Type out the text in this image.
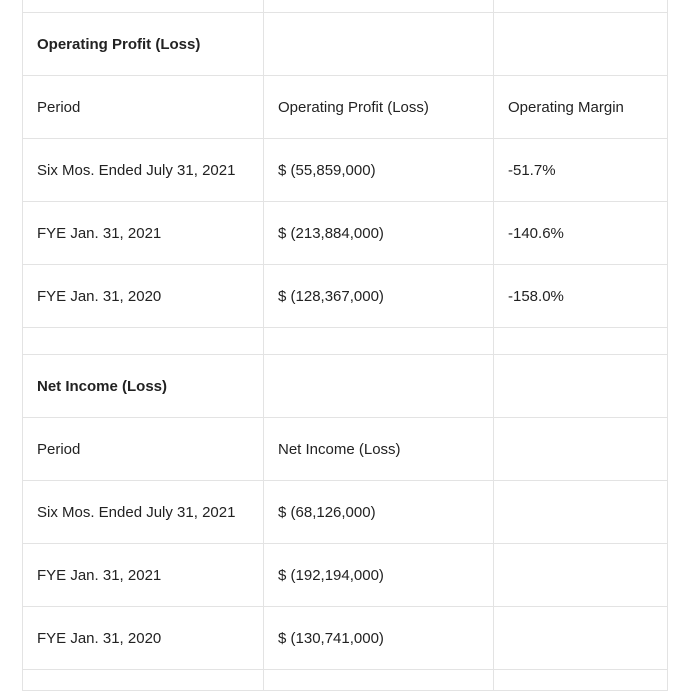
Operating Profit (Loss)		
Period	Operating Profit (Loss)	Operating Margin
Six Mos. Ended July 31, 2021	$ (55,859,000)	-51.7%
FYE Jan. 31, 2021	$ (213,884,000)	-140.6%
FYE Jan. 31, 2020	$ (128,367,000)	-158.0%

Net Income (Loss)		
Period	Net Income (Loss)	
Six Mos. Ended July 31, 2021	$ (68,126,000)	
FYE Jan. 31, 2021	$ (192,194,000)	
FYE Jan. 31, 2020	$ (130,741,000)	
